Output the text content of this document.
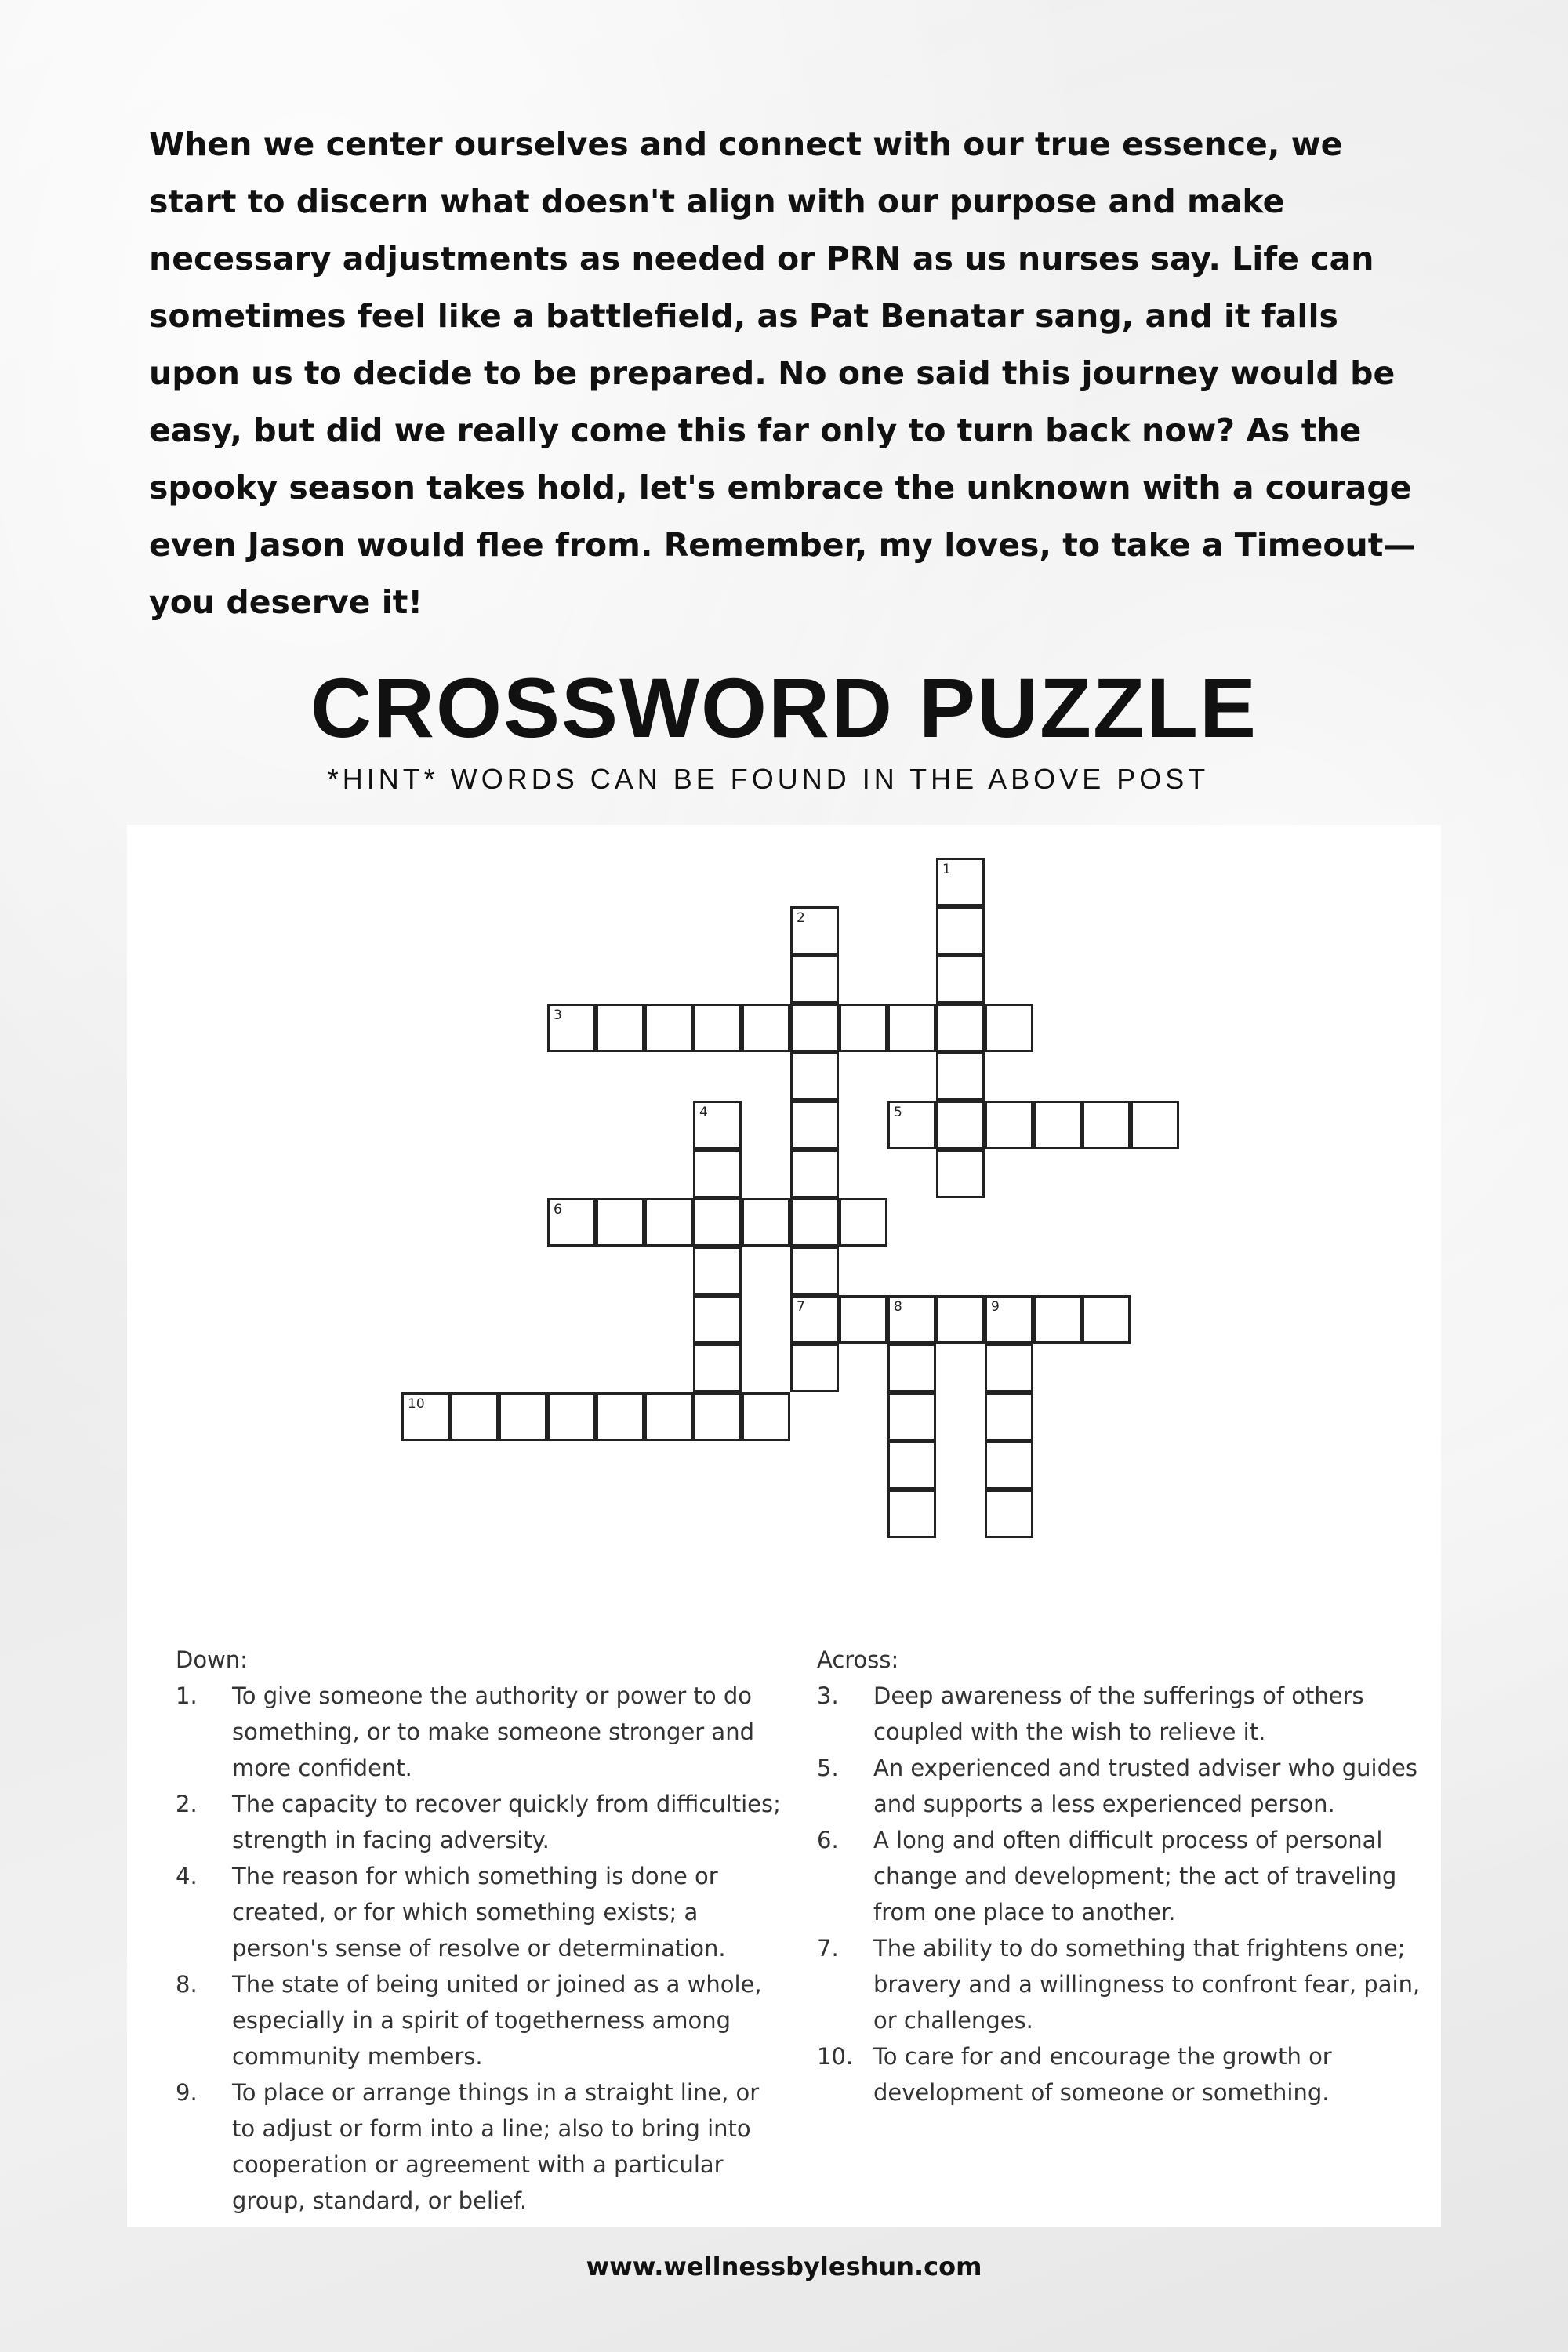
When we center ourselves and connect with our true essence, we start to discern what doesn't align with our purpose and make necessary adjustments as needed or PRN as us nurses say. Life can sometimes feel like a battlefield, as Pat Benatar sang, and it falls upon us to decide to be prepared. No one said this journey would be easy, but did we really come this far only to turn back now? As the spooky season takes hold, let's embrace the unknown with a courage even Jason would flee from. Remember, my loves, to take a Timeout—you deserve it!
CROSSWORD PUZZLE
*HINT* WORDS CAN BE FOUND IN THE ABOVE POST
1
2
7
3
4	5
6
8	9
10
Down:
1. To give someone the authority or power to do something, or to make someone stronger and more confident.
2. The capacity to recover quickly from difficulties; strength in facing adversity.
4. The reason for which something is done or created, or for which something exists; a person's sense of resolve or determination.
8. The state of being united or joined as a whole, especially in a spirit of togetherness among community members.
9. To place or arrange things in a straight line, or to adjust or form into a line; also to bring into cooperation or agreement with a particular group, standard, or belief.
Across:
3. Deep awareness of the sufferings of others coupled with the wish to relieve it.
5. An experienced and trusted adviser who guides and supports a less experienced person.
6. A long and often difficult process of personal change and development; the act of traveling from one place to another.
7. The ability to do something that frightens one; bravery and a willingness to confront fear, pain, or challenges.
10. To care for and encourage the growth or development of someone or something.
www.wellnessbyleshun.com
